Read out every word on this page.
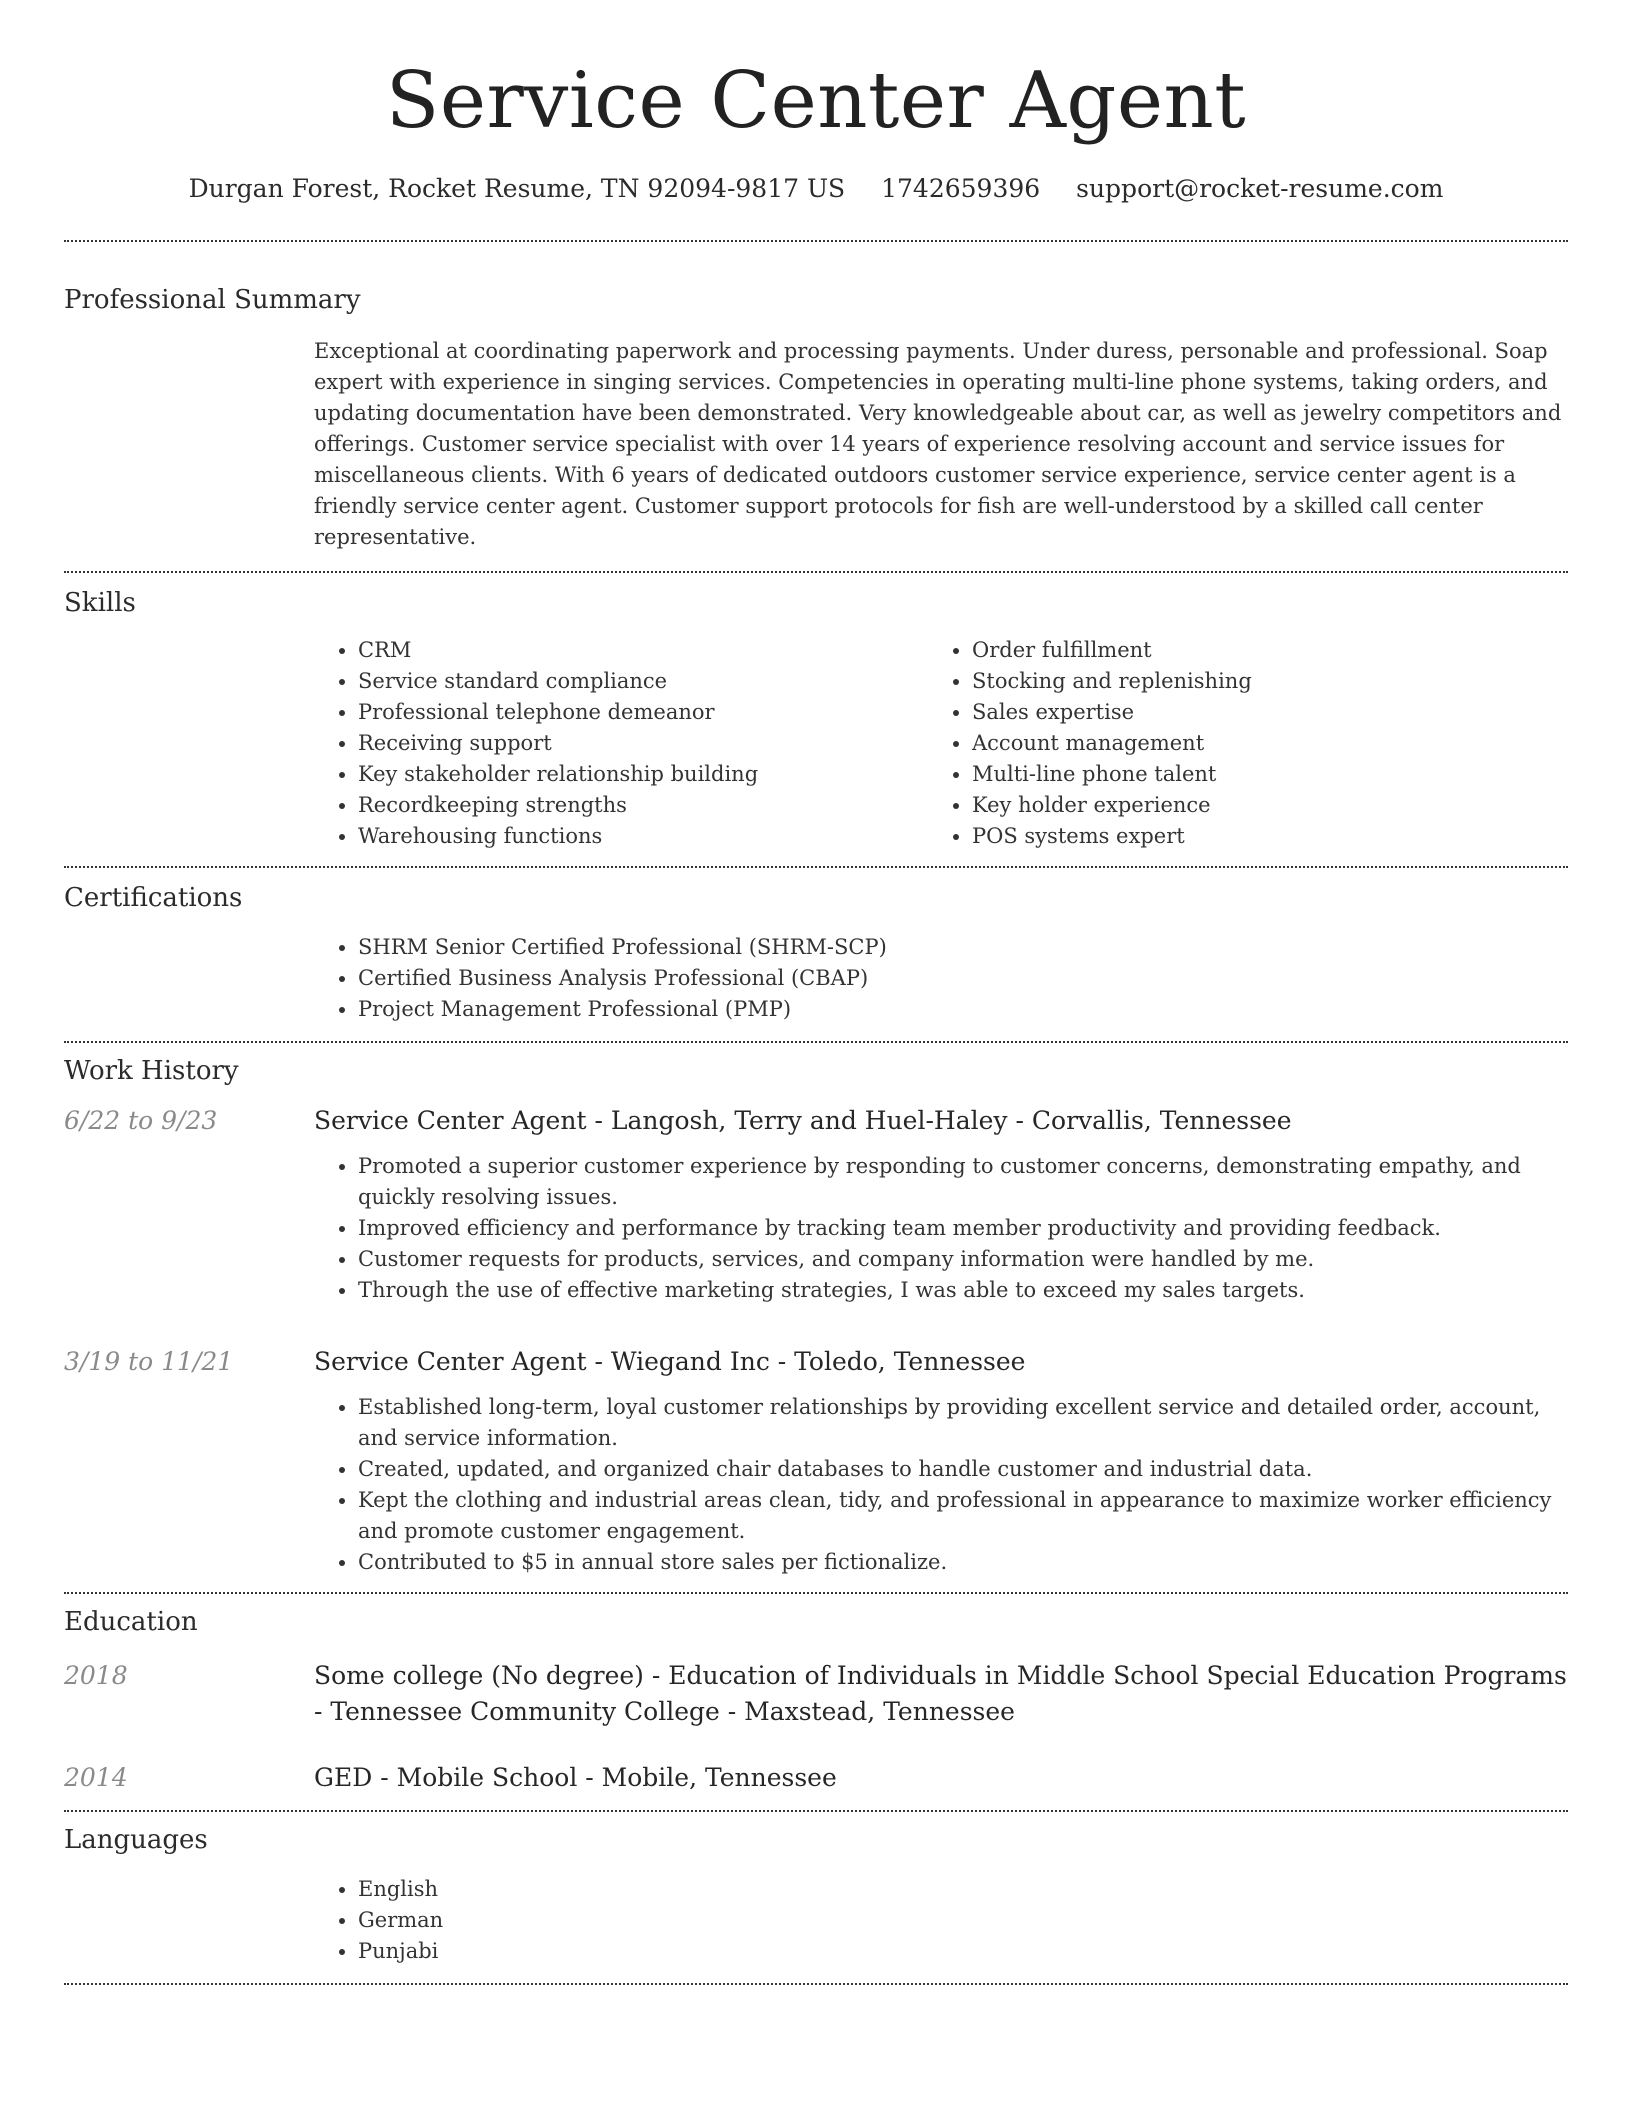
Service Center Agent
Durgan Forest, Rocket Resume, TN 92094-9817 US 1742659396 support@rocket-resume.com
Professional Summary
Exceptional at coordinating paperwork and processing payments. Under duress, personable and professional. Soap expert with experience in singing services. Competencies in operating multi-line phone systems, taking orders, and updating documentation have been demonstrated. Very knowledgeable about car, as well as jewelry competitors and offerings. Customer service specialist with over 14 years of experience resolving account and service issues for miscellaneous clients. With 6 years of dedicated outdoors customer service experience, service center agent is a friendly service center agent. Customer support protocols for fish are well-understood by a skilled call center representative.
Skills
• CRM
• Service standard compliance
• Professional telephone demeanor
• Receiving support
• Key stakeholder relationship building
• Recordkeeping strengths
• Warehousing functions
• Order fulfillment
• Stocking and replenishing
• Sales expertise
• Account management
• Multi-line phone talent
• Key holder experience
• POS systems expert
Certifications
• SHRM Senior Certified Professional (SHRM-SCP)
• Certified Business Analysis Professional (CBAP)
• Project Management Professional (PMP)
Work History
6/22 to 9/23	Service Center Agent - Langosh, Terry and Huel-Haley - Corvallis, Tennessee
• Promoted a superior customer experience by responding to customer concerns, demonstrating empathy, and quickly resolving issues.
• Improved efficiency and performance by tracking team member productivity and providing feedback.
• Customer requests for products, services, and company information were handled by me.
• Through the use of effective marketing strategies, I was able to exceed my sales targets.
3/19 to 11/21	Service Center Agent - Wiegand Inc - Toledo, Tennessee
• Established long-term, loyal customer relationships by providing excellent service and detailed order, account, and service information.
• Created, updated, and organized chair databases to handle customer and industrial data.
• Kept the clothing and industrial areas clean, tidy, and professional in appearance to maximize worker efficiency and promote customer engagement.
• Contributed to $5 in annual store sales per fictionalize.
Education
2018	Some college (No degree) - Education of Individuals in Middle School Special Education Programs - Tennessee Community College - Maxstead, Tennessee
2014	GED - Mobile School - Mobile, Tennessee
Languages
• English
• German
• Punjabi
